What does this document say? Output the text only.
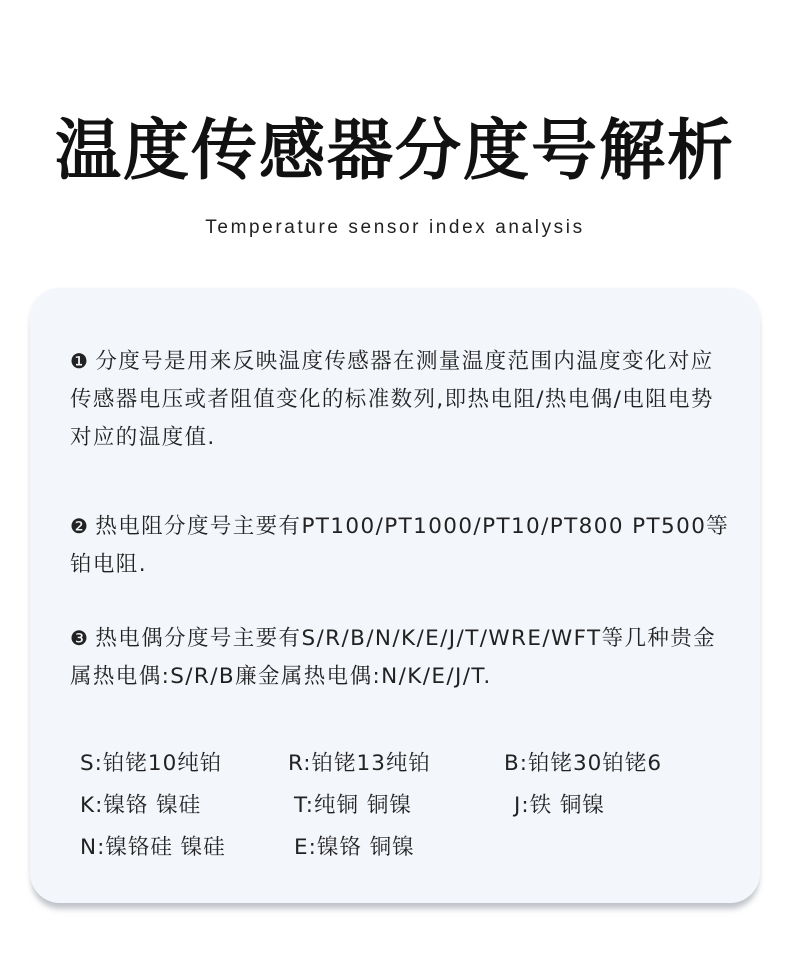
温度传感器分度号解析
Temperature sensor index analysis
❶ 分度号是用来反映温度传感器在测量温度范围内温度变化对应传感器电压或者阻值变化的标准数列,即热电阻/热电偶/电阻电势对应的温度值.
❷ 热电阻分度号主要有PT100/PT1000/PT10/PT800 PT500等铂电阻.
❸ 热电偶分度号主要有S/R/B/N/K/E/J/T/WRE/WFT等几种贵金属热电偶:S/R/B廉金属热电偶:N/K/E/J/T.
S:铂铑10纯铂	R:铂铑13纯铂	B:铂铑30铂铑6
K:镍铬 镍硅	T:纯铜 铜镍	J:铁 铜镍
N:镍铬硅 镍硅	E:镍铬 铜镍
